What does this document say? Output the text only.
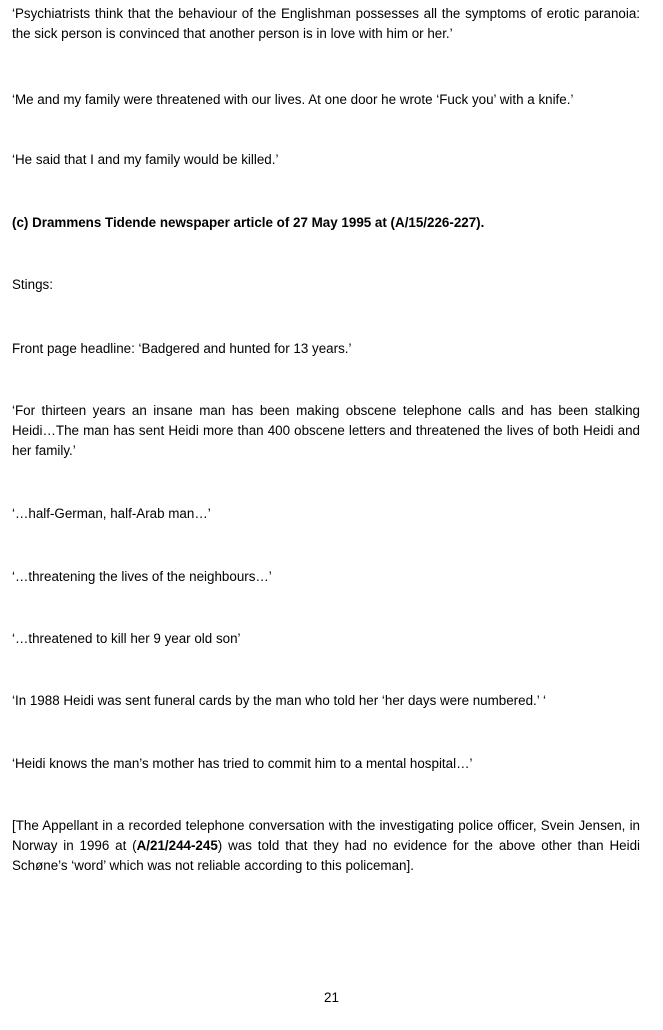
‘Psychiatrists think that the behaviour of the Englishman possesses all the symptoms of erotic paranoia: the sick person is convinced that another person is in love with him or her.’

‘Me and my family were threatened with our lives. At one door he wrote ‘Fuck you’ with a knife.’

‘He said that I and my family would be killed.’

(c) Drammens Tidende newspaper article of 27 May 1995 at (A/15/226-227).

Stings:

Front page headline: ‘Badgered and hunted for 13 years.’

‘For thirteen years an insane man has been making obscene telephone calls and has been stalking Heidi…The man has sent Heidi more than 400 obscene letters and threatened the lives of both Heidi and her family.’

‘…half-German, half-Arab man…’

‘…threatening the lives of the neighbours…’

‘…threatened to kill her 9 year old son’

‘In 1988 Heidi was sent funeral cards by the man who told her ‘her days were numbered.’ ‘

‘Heidi knows the man’s mother has tried to commit him to a mental hospital…’

[The Appellant in a recorded telephone conversation with the investigating police officer, Svein Jensen, in Norway in 1996 at (A/21/244-245) was told that they had no evidence for the above other than Heidi Schøne’s ‘word’ which was not reliable according to this policeman].

21
